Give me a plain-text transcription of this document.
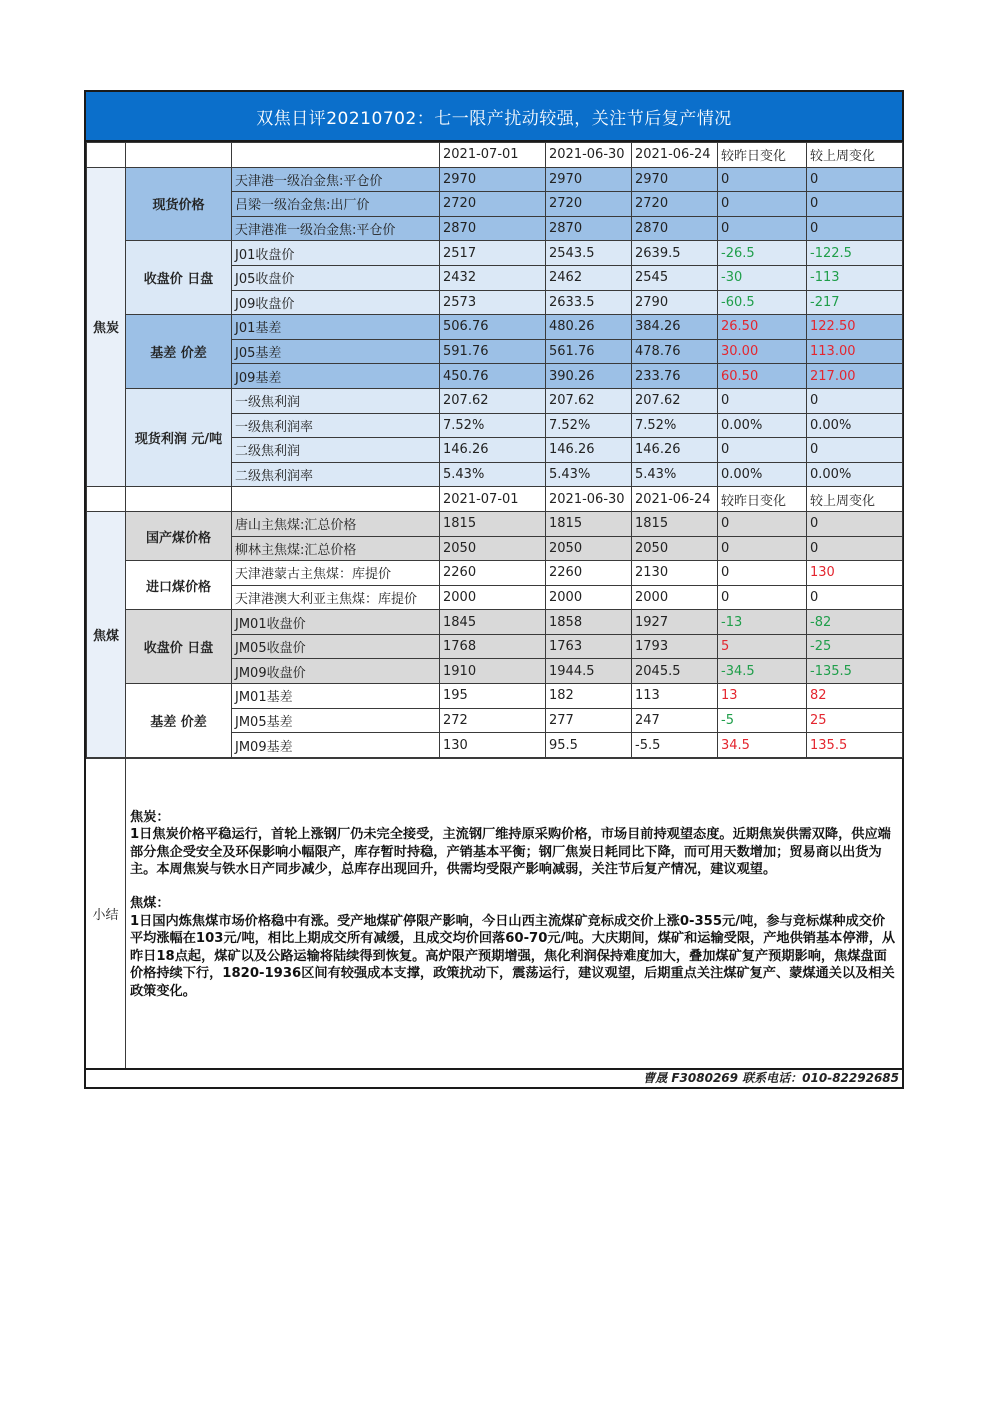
双焦日评20210702：七一限产扰动较强，关注节后复产情况
			2021-07-01	2021-06-30	2021-06-24	较昨日变化	较上周变化
焦炭	现货价格	天津港一级冶金焦:平仓价	2970	2970	2970	0	0
		吕梁一级冶金焦:出厂价	2720	2720	2720	0	0
		天津港准一级冶金焦:平仓价	2870	2870	2870	0	0
	收盘价 日盘	J01收盘价	2517	2543.5	2639.5	-26.5	-122.5
		J05收盘价	2432	2462	2545	-30	-113
		J09收盘价	2573	2633.5	2790	-60.5	-217
	基差 价差	J01基差	506.76	480.26	384.26	26.50	122.50
		J05基差	591.76	561.76	478.76	30.00	113.00
		J09基差	450.76	390.26	233.76	60.50	217.00
	现货利润 元/吨	一级焦利润	207.62	207.62	207.62	0	0
		一级焦利润率	7.52%	7.52%	7.52%	0.00%	0.00%
		二级焦利润	146.26	146.26	146.26	0	0
		二级焦利润率	5.43%	5.43%	5.43%	0.00%	0.00%
			2021-07-01	2021-06-30	2021-06-24	较昨日变化	较上周变化
焦煤	国产煤价格	唐山主焦煤:汇总价格	1815	1815	1815	0	0
		柳林主焦煤:汇总价格	2050	2050	2050	0	0
	进口煤价格	天津港蒙古主焦煤：库提价	2260	2260	2130	0	130
		天津港澳大利亚主焦煤：库提价	2000	2000	2000	0	0
	收盘价 日盘	JM01收盘价	1845	1858	1927	-13	-82
		JM05收盘价	1768	1763	1793	5	-25
		JM09收盘价	1910	1944.5	2045.5	-34.5	-135.5
	基差 价差	JM01基差	195	182	113	13	82
		JM05基差	272	277	247	-5	25
		JM09基差	130	95.5	-5.5	34.5	135.5
小结
焦炭：

1日焦炭价格平稳运行，首轮上涨钢厂仍未完全接受，主流钢厂维持原采购价格，市场目前持观望态度。近期焦炭供需双降，供应端部分焦企受安全及环保影响小幅限产，库存暂时持稳，产销基本平衡；钢厂焦炭日耗同比下降，而可用天数增加；贸易商以出货为主。本周焦炭与铁水日产同步减少，总库存出现回升，供需均受限产影响减弱，关注节后复产情况，建议观望。

焦煤：

1日国内炼焦煤市场价格稳中有涨。受产地煤矿停限产影响，今日山西主流煤矿竞标成交价上涨0-355元/吨，参与竞标煤种成交价平均涨幅在103元/吨，相比上期成交所有减缓，且成交均价回落60-70元/吨。大庆期间，煤矿和运输受限，产地供销基本停滞，从昨日18点起，煤矿以及公路运输将陆续得到恢复。高炉限产预期增强，焦化利润保持难度加大，叠加煤矿复产预期影响，焦煤盘面价格持续下行，1820-1936区间有较强成本支撑，政策扰动下，震荡运行，建议观望，后期重点关注煤矿复产、蒙煤通关以及相关政策变化。

曹晟 F3080269 联系电话：010-82292685
